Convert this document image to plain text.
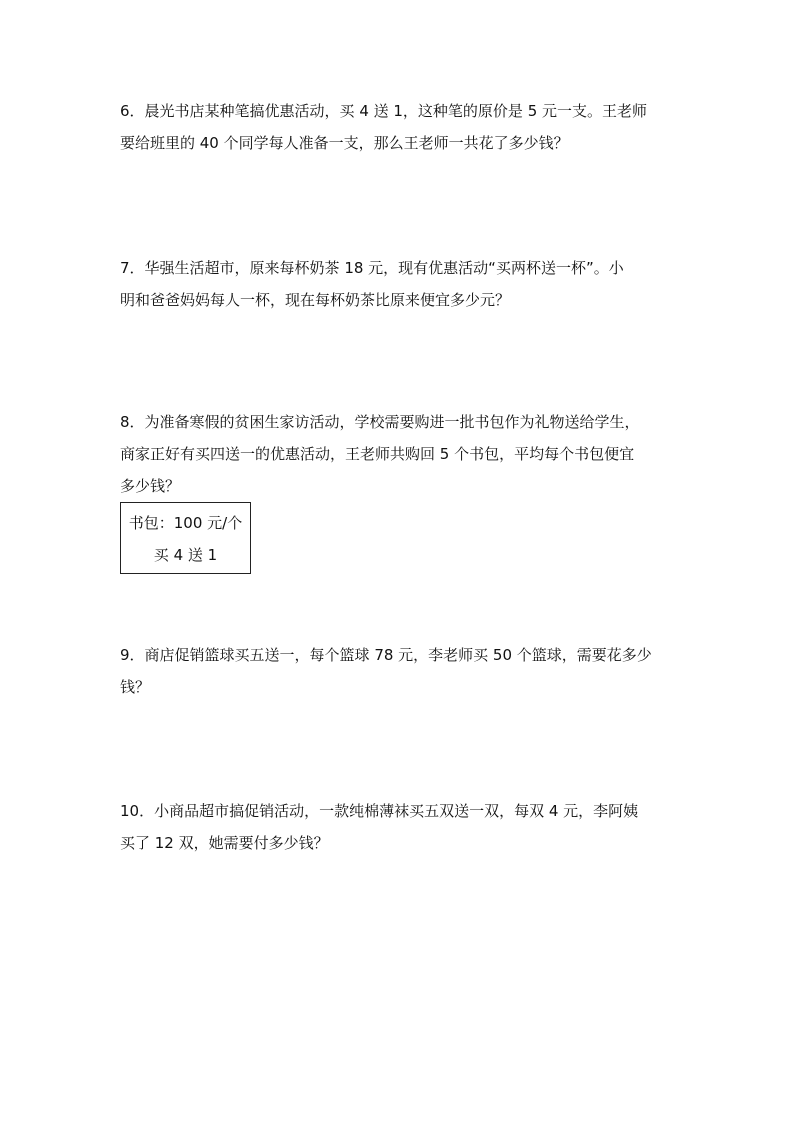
6．晨光书店某种笔搞优惠活动，买 4 送 1，这种笔的原价是 5 元一支。王老师
要给班里的 40 个同学每人准备一支，那么王老师一共花了多少钱？
7．华强生活超市，原来每杯奶茶 18 元，现有优惠活动“买两杯送一杯”。小
明和爸爸妈妈每人一杯，现在每杯奶茶比原来便宜多少元？
8．为准备寒假的贫困生家访活动，学校需要购进一批书包作为礼物送给学生，
商家正好有买四送一的优惠活动，王老师共购回 5 个书包，平均每个书包便宜
多少钱？
书包：100 元/个
买 4 送 1
9．商店促销篮球买五送一，每个篮球 78 元，李老师买 50 个篮球，需要花多少
钱？
10．小商品超市搞促销活动，一款纯棉薄袜买五双送一双，每双 4 元，李阿姨
买了 12 双，她需要付多少钱？
